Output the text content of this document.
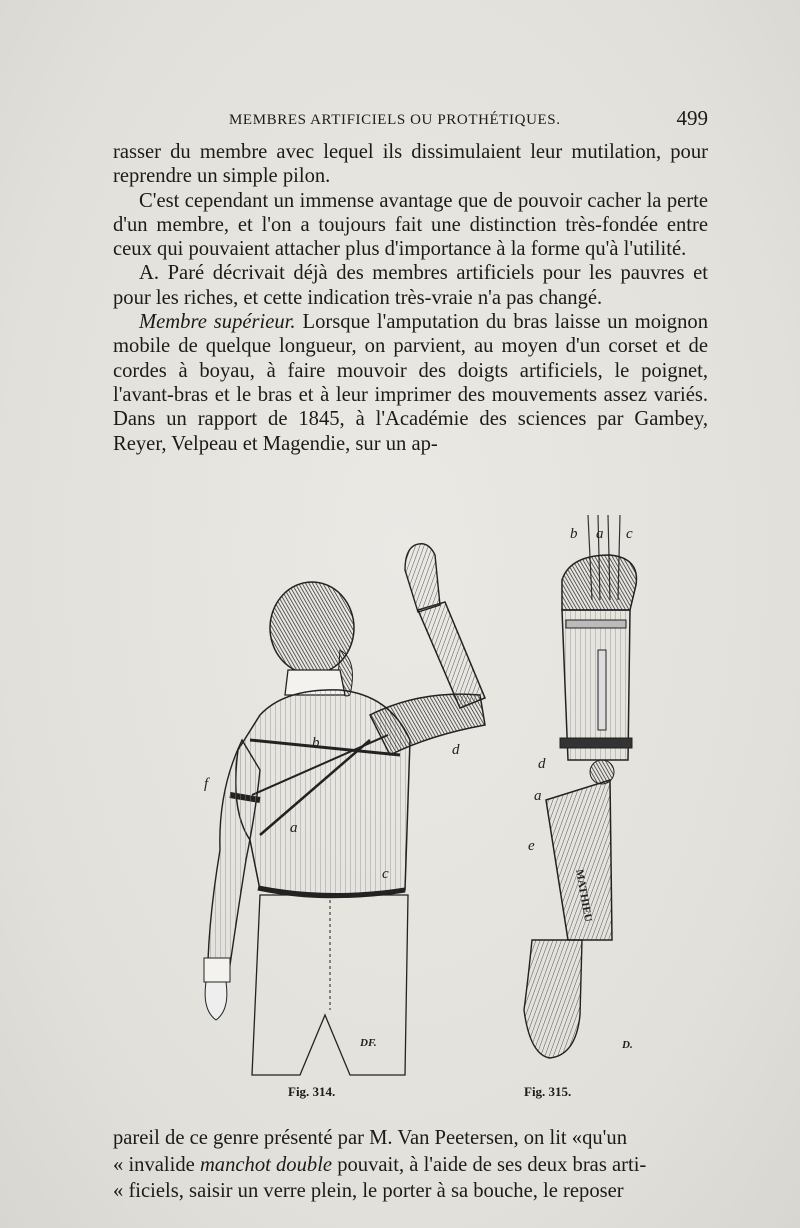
MEMBRES ARTIFICIELS OU PROTHÉTIQUES.	499

rasser du membre avec lequel ils dissimulaient leur mutilation, pour reprendre un simple pilon.

C'est cependant un immense avantage que de pouvoir cacher la perte d'un membre, et l'on a toujours fait une distinction très-fondée entre ceux qui pouvaient attacher plus d'importance à la forme qu'à l'utilité.

A. Paré décrivait déjà des membres artificiels pour les pauvres et pour les riches, et cette indication très-vraie n'a pas changé.

Membre supérieur. Lorsque l'amputation du bras laisse un moignon mobile de quelque longueur, on parvient, au moyen d'un corset et de cordes à boyau, à faire mouvoir des doigts artificiels, le poignet, l'avant-bras et le bras et à leur imprimer des mouvements assez variés. Dans un rapport de 1845, à l'Académie des sciences par Gambey, Reyer, Velpeau et Magendie, sur un ap-

b	d
f
a
c
DF.
MATHIEU
b a c
d
a
e
D.
Fig. 314.	Fig. 315.

pareil de ce genre présenté par M. Van Peetersen, on lit «qu'un

« invalide manchot double pouvait, à l'aide de ses deux bras arti-

« ficiels, saisir un verre plein, le porter à sa bouche, le reposer
